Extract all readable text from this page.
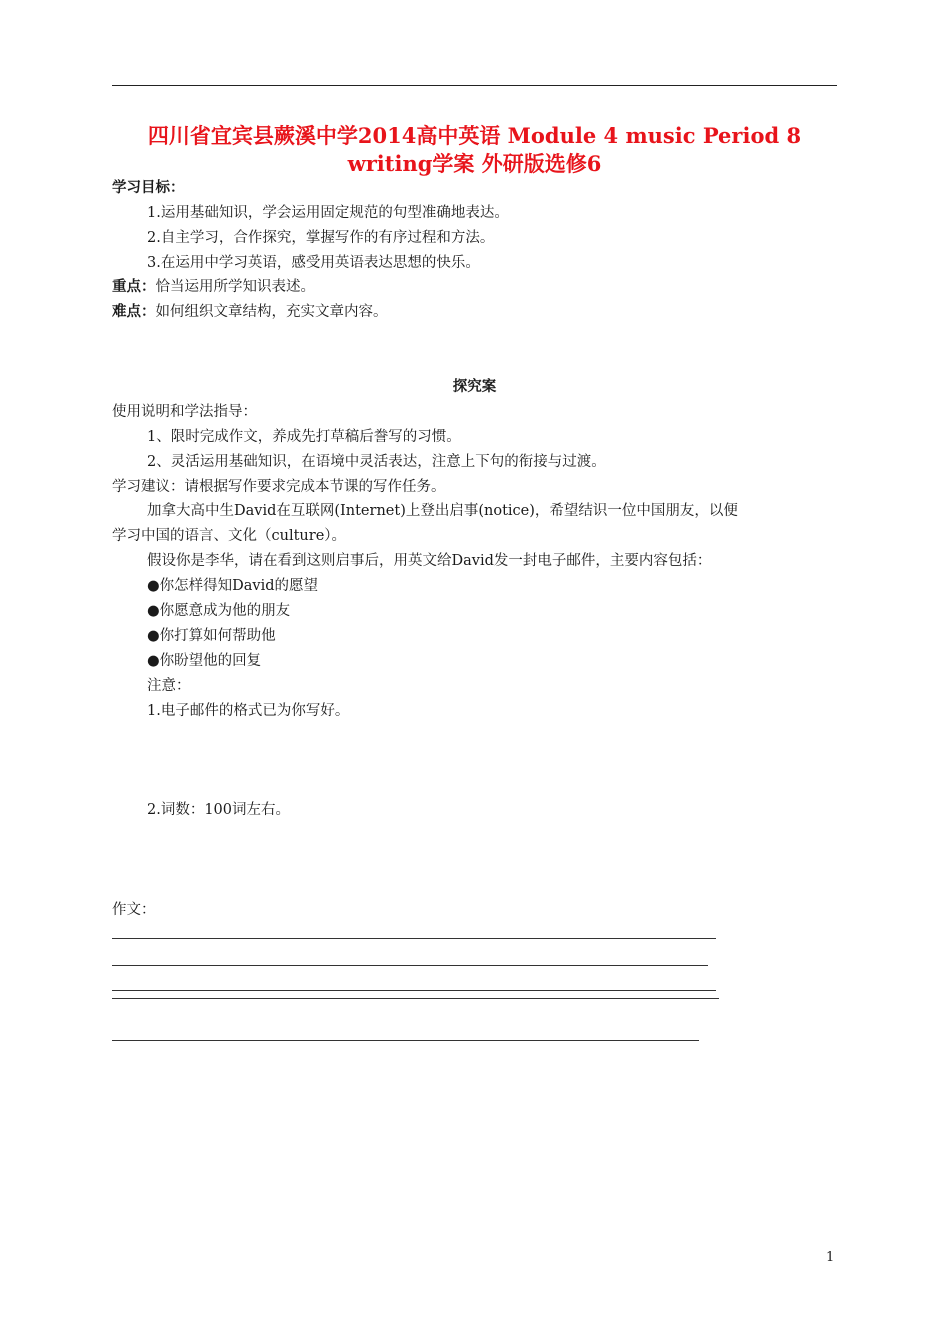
四川省宜宾县蕨溪中学2014高中英语 Module 4 music Period 8
writing学案 外研版选修6
学习目标：
1.运用基础知识，学会运用固定规范的句型准确地表达。
2.自主学习，合作探究，掌握写作的有序过程和方法。
3.在运用中学习英语，感受用英语表达思想的快乐。
重点：恰当运用所学知识表述。
难点：如何组织文章结构，充实文章内容。
探究案
使用说明和学法指导：
1、限时完成作文，养成先打草稿后誊写的习惯。
2、灵活运用基础知识，在语境中灵活表达，注意上下句的衔接与过渡。
学习建议：请根据写作要求完成本节课的写作任务。
加拿大高中生David在互联网(Internet)上登出启事(notice)，希望结识一位中国朋友，以便
学习中国的语言、文化（culture）。
假设你是李华，请在看到这则启事后，用英文给David发一封电子邮件，主要内容包括：
●你怎样得知David的愿望
●你愿意成为他的朋友
●你打算如何帮助他
●你盼望他的回复
注意：
1.电子邮件的格式已为你写好。
2.词数：100词左右。
作文：
1
